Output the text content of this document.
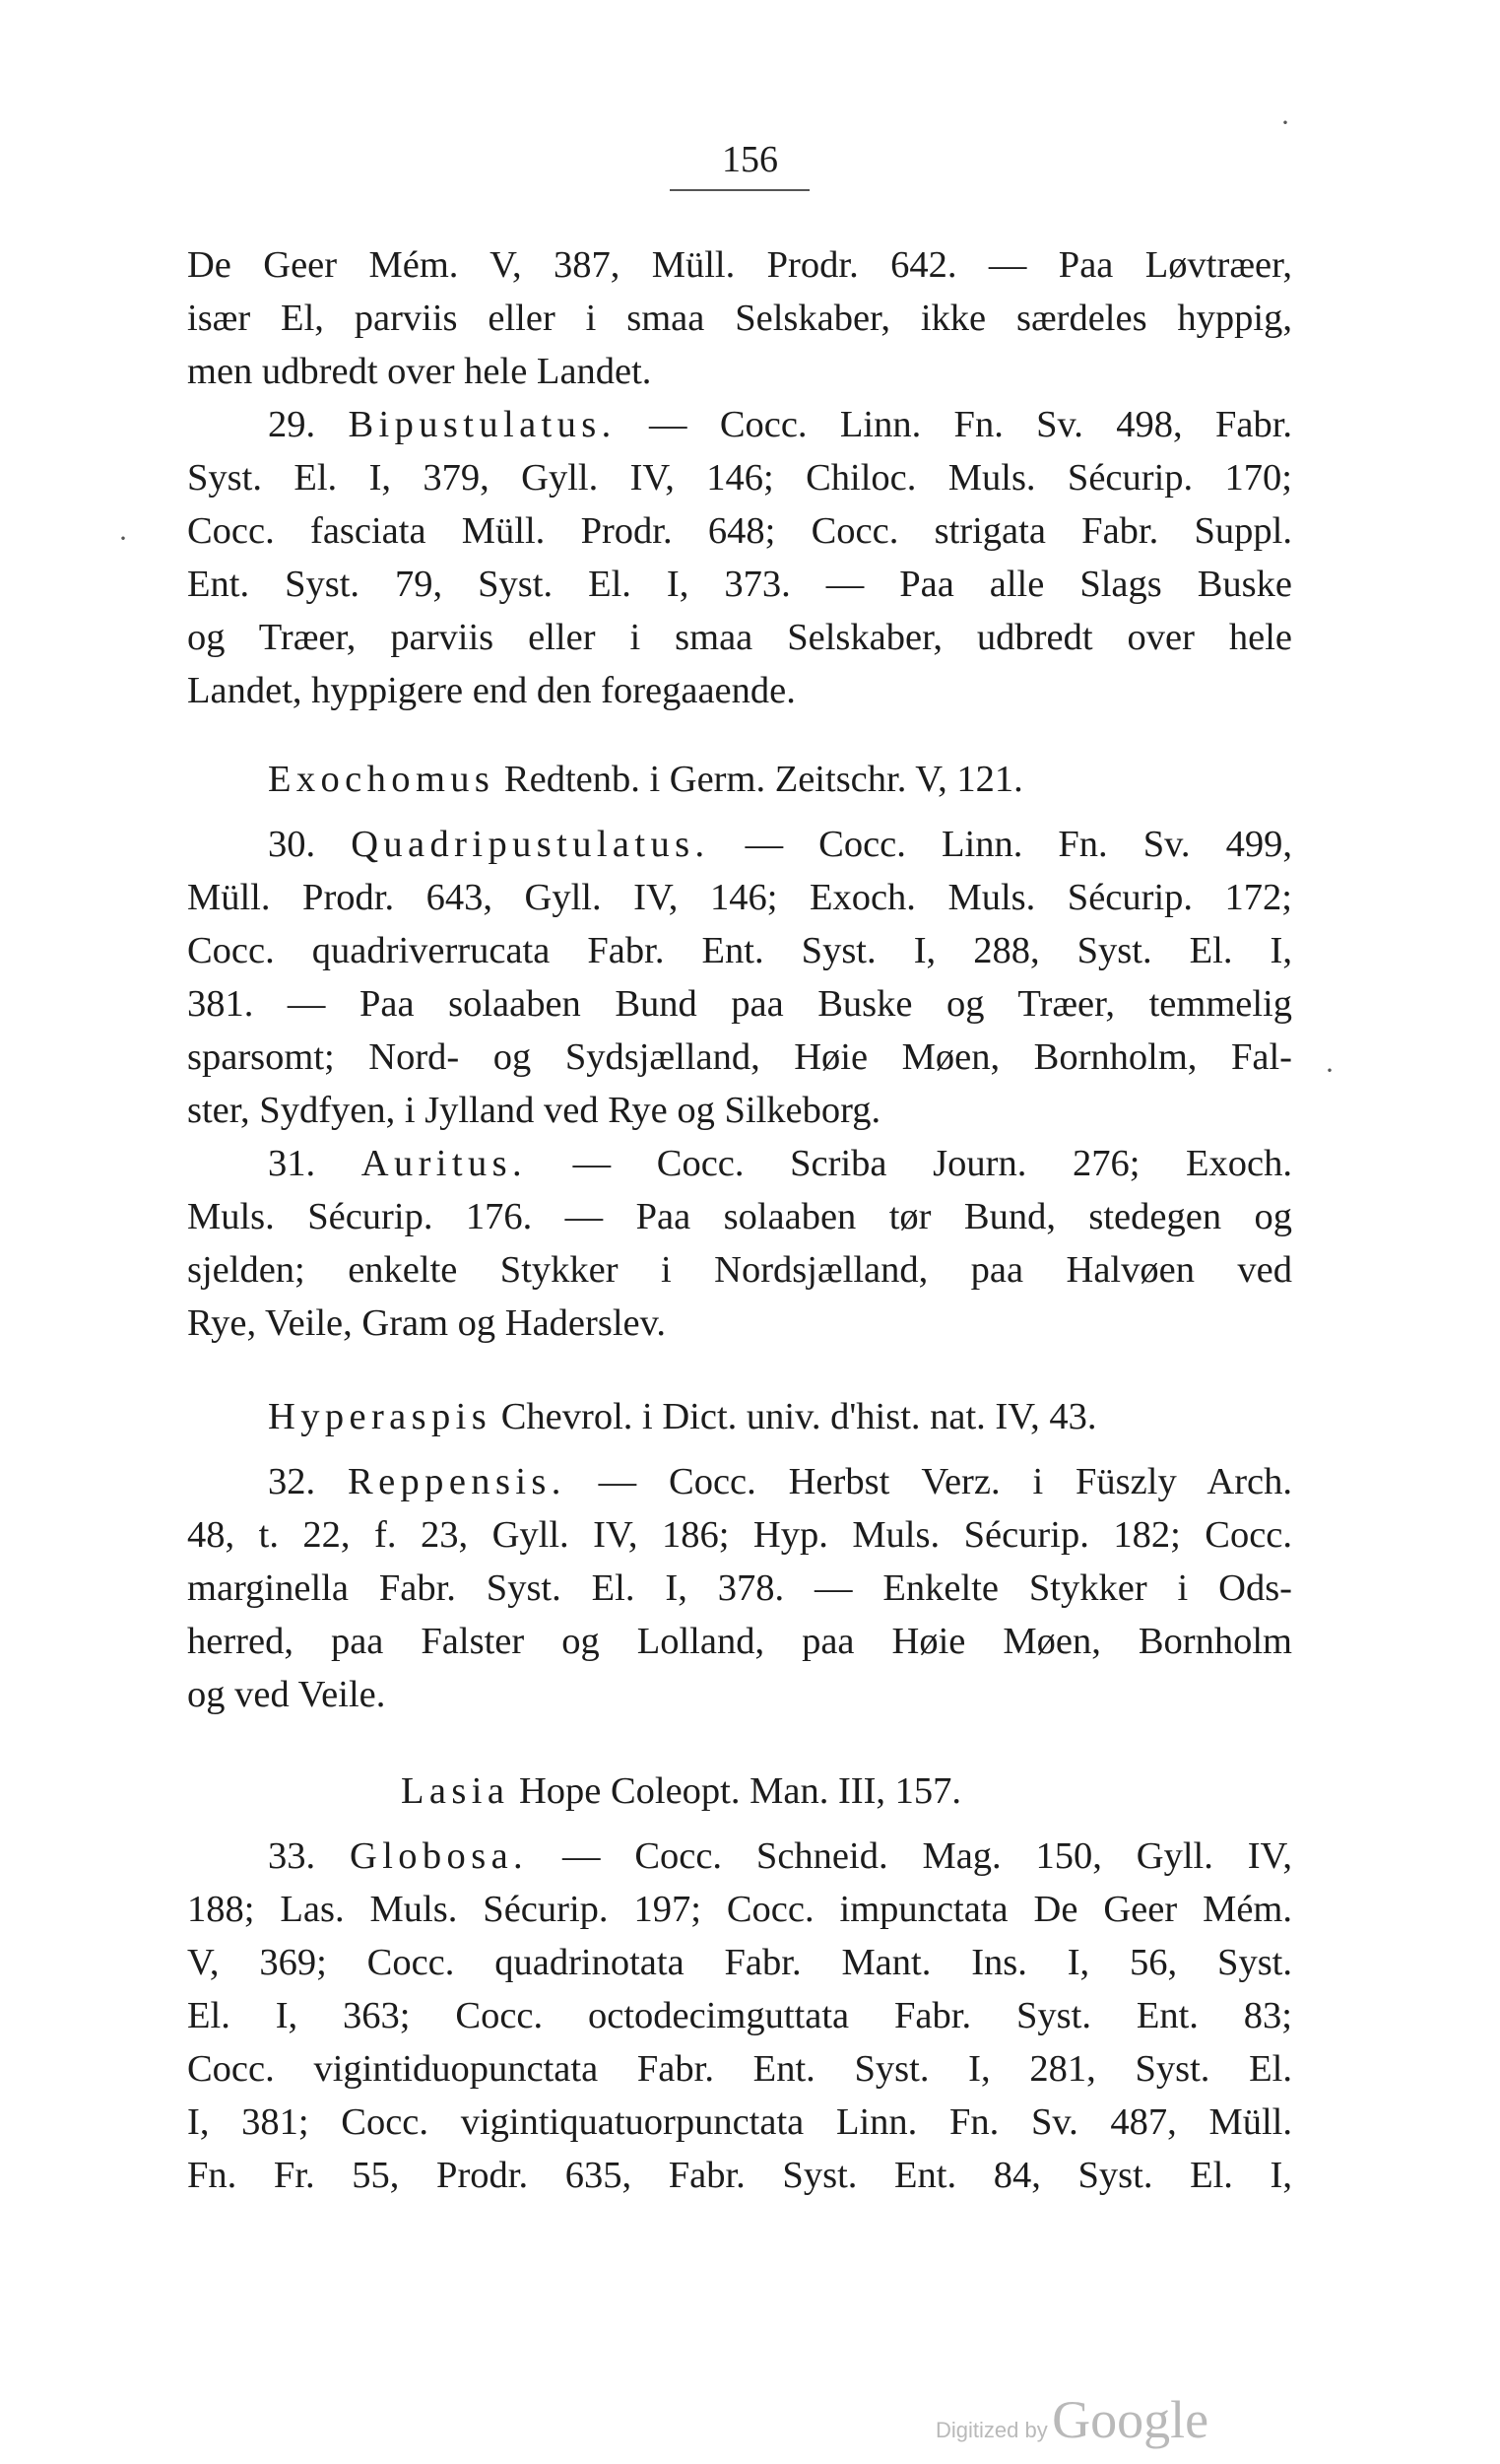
156
De Geer Mém. V, 387, Müll. Prodr. 642. — Paa Løvtræer,
især El, parviis eller i smaa Selskaber, ikke særdeles hyppig,
men udbredt over hele Landet.
29. Bipustulatus. — Cocc. Linn. Fn. Sv. 498, Fabr.
Syst. El. I, 379, Gyll. IV, 146; Chiloc. Muls. Sécurip. 170;
Cocc. fasciata Müll. Prodr. 648; Cocc. strigata Fabr. Suppl.
Ent. Syst. 79, Syst. El. I, 373. — Paa alle Slags Buske
og Træer, parviis eller i smaa Selskaber, udbredt over hele
Landet, hyppigere end den foregaaende.
Exochomus Redtenb. i Germ. Zeitschr. V, 121.
30. Quadripustulatus. — Cocc. Linn. Fn. Sv. 499,
Müll. Prodr. 643, Gyll. IV, 146; Exoch. Muls. Sécurip. 172;
Cocc. quadriverrucata Fabr. Ent. Syst. I, 288, Syst. El. I,
381. — Paa solaaben Bund paa Buske og Træer, temmelig
sparsomt; Nord- og Sydsjælland, Høie Møen, Bornholm, Fal-
ster, Sydfyen, i Jylland ved Rye og Silkeborg.
31. Auritus. — Cocc. Scriba Journ. 276; Exoch.
Muls. Sécurip. 176. — Paa solaaben tør Bund, stedegen og
sjelden; enkelte Stykker i Nordsjælland, paa Halvøen ved
Rye, Veile, Gram og Haderslev.
Hyperaspis Chevrol. i Dict. univ. d'hist. nat. IV, 43.
32. Reppensis. — Cocc. Herbst Verz. i Füszly Arch.
48, t. 22, f. 23, Gyll. IV, 186; Hyp. Muls. Sécurip. 182; Cocc.
marginella Fabr. Syst. El. I, 378. — Enkelte Stykker i Ods-
herred, paa Falster og Lolland, paa Høie Møen, Bornholm
og ved Veile.
Lasia Hope Coleopt. Man. III, 157.
33. Globosa. — Cocc. Schneid. Mag. 150, Gyll. IV,
188; Las. Muls. Sécurip. 197; Cocc. impunctata De Geer Mém.
V, 369; Cocc. quadrinotata Fabr. Mant. Ins. I, 56, Syst.
El. I, 363; Cocc. octodecimguttata Fabr. Syst. Ent. 83;
Cocc. vigintiduopunctata Fabr. Ent. Syst. I, 281, Syst. El.
I, 381; Cocc. vigintiquatuorpunctata Linn. Fn. Sv. 487, Müll.
Fn. Fr. 55, Prodr. 635, Fabr. Syst. Ent. 84, Syst. El. I,
·
·
·
Digitized by Google
